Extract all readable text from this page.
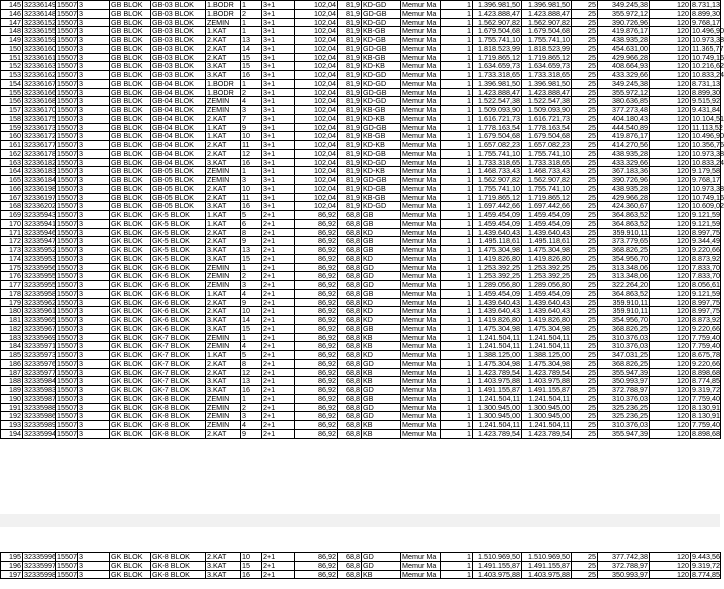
145	32336149	15507	3	GB BLOK	GB-03 BLOK	1.BODR	1	3+1	102,04	81,9	KD-GD	Memur Ma	1	1.396.981,50	1.396.981,50	25	349.245,38	120	8.731,13
146	32336148	15507	3	GB BLOK	GB-03 BLOK	1.BODR	2	3+1	102,04	81,9	GD-GB	Memur Ma	1	1.423.888,47	1.423.888,47	25	355.972,12	120	8.899,30
147	32336152	15507	3	GB BLOK	GB-03 BLOK	ZEMIN	1	3+1	102,04	81,9	KD-GD	Memur Ma	1	1.562.907,82	1.562.907,82	25	390.726,96	120	9.768,17
148	32336155	15507	3	GB BLOK	GB-03 BLOK	1.KAT	1	3+1	102,04	81,9	KB-GB	Memur Ma	1	1.679.504,68	1.679.504,68	25	419.876,17	120	10.496,90
149	32336159	15507	3	GB BLOK	GB-03 BLOK	2.KAT	13	3+1	102,04	81,9	KD-GB	Memur Ma	1	1.755.741,10	1.755.741,10	25	438.935,28	120	10.973,38
150	32336160	15507	3	GB BLOK	GB-03 BLOK	2.KAT	14	3+1	102,04	81,9	GD-GB	Memur Ma	1	1.818.523,99	1.818.523,99	25	454.631,00	120	11.365,77
151	32336161	15507	3	GB BLOK	GB-03 BLOK	2.KAT	15	3+1	102,04	81,9	KB-GB	Memur Ma	1	1.719.865,12	1.719.865,12	25	429.966,28	120	10.749,16
152	32336163	15507	3	GB BLOK	GB-03 BLOK	3.KAT	15	3+1	102,04	81,9	KD-KB	Memur Ma	1	1.634.659,73	1.634.659,73	25	408.664,93	120	10.216,62
153	32336162	15507	3	GB BLOK	GB-03 BLOK	3.KAT	16	3+1	102,04	81,9	KD-GD	Memur Ma	1	1.733.318,65	1.733.318,65	25	433.329,66	120	10.833,24
154	32336167	15507	3	GB BLOK	GB-04 BLOK	1.BODR	1	3+1	102,04	81,9	KD-GD	Memur Ma	1	1.396.981,50	1.396.981,50	25	349.245,38	120	8.731,13
155	32336166	15507	3	GB BLOK	GB-04 BLOK	1.BODR	2	3+1	102,04	81,9	GD-GB	Memur Ma	1	1.423.888,47	1.423.888,47	25	355.972,12	120	8.899,30
156	32336168	15507	3	GB BLOK	GB-04 BLOK	ZEMIN	4	3+1	102,04	81,9	KD-GD	Memur Ma	1	1.522.547,38	1.522.547,38	25	380.636,85	120	9.515,92
157	32336170	15507	3	GB BLOK	GB-04 BLOK	ZEMIN	3	3+1	102,04	81,9	KB-GB	Memur Ma	1	1.509.093,90	1.509.093,90	25	377.273,48	120	9.431,84
158	32336175	15507	3	GB BLOK	GB-04 BLOK	2.KAT	7	3+1	102,04	81,9	KD-KB	Memur Ma	1	1.616.721,73	1.616.721,73	25	404.180,43	120	10.104,51
159	32336173	15507	3	GB BLOK	GB-04 BLOK	1.KAT	9	3+1	102,04	81,9	GD-GB	Memur Ma	1	1.778.163,54	1.778.163,54	25	444.540,89	120	11.113,52
160	32336172	15507	3	GB BLOK	GB-04 BLOK	1.KAT	10	3+1	102,04	81,9	KB-GB	Memur Ma	1	1.679.504,68	1.679.504,68	25	419.876,17	120	10.496,90
161	32336177	15507	3	GB BLOK	GB-04 BLOK	2.KAT	11	3+1	102,04	81,9	KD-KB	Memur Ma	1	1.657.082,23	1.657.082,23	25	414.270,56	120	10.356,76
162	32336178	15507	3	GB BLOK	GB-04 BLOK	2.KAT	12	3+1	102,04	81,9	KD-GB	Memur Ma	1	1.755.741,10	1.755.741,10	25	438.935,28	120	10.973,38
163	32336182	15507	3	GB BLOK	GB-04 BLOK	3.KAT	16	3+1	102,04	81,9	KD-GD	Memur Ma	1	1.733.318,65	1.733.318,65	25	433.329,66	120	10.833,24
164	32336183	15507	3	GB BLOK	GB-05 BLOK	ZEMIN	1	3+1	102,04	81,9	KD-KB	Memur Ma	1	1.468.733,43	1.468.733,43	25	367.183,36	120	9.179,58
165	32336184	15507	3	GB BLOK	GB-05 BLOK	ZEMIN	3	3+1	102,04	81,9	GD-GB	Memur Ma	1	1.562.907,82	1.562.907,82	25	390.726,96	120	9.768,17
166	32336198	15507	3	GB BLOK	GB-05 BLOK	2.KAT	10	3+1	102,04	81,9	KD-GB	Memur Ma	1	1.755.741,10	1.755.741,10	25	438.935,28	120	10.973,38
167	32336197	15507	3	GB BLOK	GB-05 BLOK	2.KAT	11	3+1	102,04	81,9	KB-GB	Memur Ma	1	1.719.865,12	1.719.865,12	25	429.966,28	120	10.749,16
168	32336202	15507	3	GB BLOK	GB-05 BLOK	3.KAT	16	3+1	102,04	81,9	KD-GD	Memur Ma	1	1.697.442,66	1.697.442,66	25	424.360,67	120	10.609,02
169	32335943	15507	3	GK BLOK	GK-5 BLOK	1.KAT	5	2+1	86,92	68,8	GB	Memur Ma	1	1.459.454,09	1.459.454,09	25	364.863,52	120	9.121,59
170	32335941	15507	3	GK BLOK	GK-5 BLOK	1.KAT	6	2+1	86,92	68,8	GB	Memur Ma	1	1.459.454,09	1.459.454,09	25	364.863,52	120	9.121,59
171	32335946	15507	3	GK BLOK	GK-5 BLOK	2.KAT	8	2+1	86,92	68,8	KD	Memur Ma	1	1.439.640,43	1.439.640,43	25	359.910,11	120	8.997,75
172	32335947	15507	3	GK BLOK	GK-5 BLOK	2.KAT	9	2+1	86,92	68,8	GB	Memur Ma	1	1.495.118,61	1.495.118,61	25	373.779,65	120	9.344,49
173	32335952	15507	3	GK BLOK	GK-5 BLOK	3.KAT	13	2+1	86,92	68,8	GB	Memur Ma	1	1.475.304,98	1.475.304,98	25	368.826,25	120	9.220,66
174	32335953	15507	3	GK BLOK	GK-5 BLOK	3.KAT	15	2+1	86,92	68,8	KD	Memur Ma	1	1.419.826,80	1.419.826,80	25	354.956,70	120	8.873,92
175	32335956	15507	3	GK BLOK	GK-6 BLOK	ZEMIN	1	2+1	86,92	68,8	GD	Memur Ma	1	1.253.392,25	1.253.392,25	25	313.348,06	120	7.833,70
176	32335955	15507	3	GK BLOK	GK-6 BLOK	ZEMIN	2	2+1	86,92	68,8	GD	Memur Ma	1	1.253.392,25	1.253.392,25	25	313.348,06	120	7.833,70
177	32335955	15507	3	GK BLOK	GK-6 BLOK	ZEMIN	3	2+1	86,92	68,8	GD	Memur Ma	1	1.289.056,80	1.289.056,80	25	322.264,20	120	8.056,61
178	32335958	15507	3	GK BLOK	GK-6 BLOK	1.KAT	4	2+1	86,92	68,8	GB	Memur Ma	1	1.459.454,09	1.459.454,09	25	364.863,52	120	9.121,59
179	32335962	15507	3	GK BLOK	GK-6 BLOK	2.KAT	9	2+1	86,92	68,8	KD	Memur Ma	1	1.439.640,43	1.439.640,43	25	359.910,11	120	8.997,75
180	32335961	15507	3	GK BLOK	GK-6 BLOK	2.KAT	10	2+1	86,92	68,8	KD	Memur Ma	1	1.439.640,43	1.439.640,43	25	359.910,11	120	8.997,75
181	32335965	15507	3	GK BLOK	GK-6 BLOK	3.KAT	14	2+1	86,92	68,8	KD	Memur Ma	1	1.419.826,80	1.419.826,80	25	354.956,70	120	8.873,92
182	32335967	15507	3	GK BLOK	GK-6 BLOK	3.KAT	15	2+1	86,92	68,8	GB	Memur Ma	1	1.475.304,98	1.475.304,98	25	368.826,25	120	9.220,66
183	32335969	15507	3	GK BLOK	GK-7 BLOK	ZEMIN	1	2+1	86,92	68,8	KB	Memur Ma	1	1.241.504,11	1.241.504,11	25	310.376,03	120	7.759,40
184	32335971	15507	3	GK BLOK	GK-7 BLOK	ZEMIN	4	2+1	86,92	68,8	KB	Memur Ma	1	1.241.504,11	1.241.504,11	25	310.376,03	120	7.759,40
185	32335973	15507	3	GK BLOK	GK-7 BLOK	1.KAT	5	2+1	86,92	68,8	KD	Memur Ma	1	1.388.125,00	1.388.125,00	25	347.031,25	120	8.675,78
186	32335976	15507	3	GK BLOK	GK-7 BLOK	2.KAT	8	2+1	86,92	68,8	GD	Memur Ma	1	1.475.304,98	1.475.304,98	25	368.826,25	120	9.220,66
187	32335977	15507	3	GK BLOK	GK-7 BLOK	2.KAT	12	2+1	86,92	68,8	KB	Memur Ma	1	1.423.789,54	1.423.789,54	25	355.947,39	120	8.898,68
188	32335984	15507	3	GK BLOK	GK-7 BLOK	3.KAT	13	2+1	86,92	68,8	KB	Memur Ma	1	1.403.975,88	1.403.975,88	25	350.993,97	120	8.774,85
189	32335983	15507	3	GK BLOK	GK-7 BLOK	3.KAT	16	2+1	86,92	68,8	GD	Memur Ma	1	1.491.155,87	1.491.155,87	25	372.788,97	120	9.319,72
190	32335987	15507	3	GK BLOK	GK-8 BLOK	ZEMIN	1	2+1	86,92	68,8	GB	Memur Ma	1	1.241.504,11	1.241.504,11	25	310.376,03	120	7.759,40
191	32335988	15507	3	GK BLOK	GK-8 BLOK	ZEMIN	2	2+1	86,92	68,8	GD	Memur Ma	1	1.300.945,00	1.300.945,00	25	325.236,25	120	8.130,91
192	32335986	15507	3	GK BLOK	GK-8 BLOK	ZEMIN	3	2+1	86,92	68,8	GD	Memur Ma	1	1.300.945,00	1.300.945,00	25	325.236,25	120	8.130,91
193	32335989	15507	3	GK BLOK	GK-8 BLOK	ZEMIN	4	2+1	86,92	68,8	KB	Memur Ma	1	1.241.504,11	1.241.504,11	25	310.376,03	120	7.759,40
194	32335994	15507	3	GK BLOK	GK-8 BLOK	2.KAT	9	2+1	86,92	68,8	KB	Memur Ma	1	1.423.789,54	1.423.789,54	25	355.947,39	120	8.898,68
195	32335996	15507	3	GK BLOK	GK-8 BLOK	2.KAT	10	2+1	86,92	68,8	GD	Memur Ma	1	1.510.969,50	1.510.969,50	25	377.742,38	120	9.443,56
196	32335997	15507	3	GK BLOK	GK-8 BLOK	3.KAT	15	2+1	86,92	68,8	GD	Memur Ma	1	1.491.155,87	1.491.155,87	25	372.788,97	120	9.319,72
197	32335998	15507	3	GK BLOK	GK-8 BLOK	3.KAT	16	2+1	86,92	68,8	KB	Memur Ma	1	1.403.975,88	1.403.975,88	25	350.993,97	120	8.774,85
